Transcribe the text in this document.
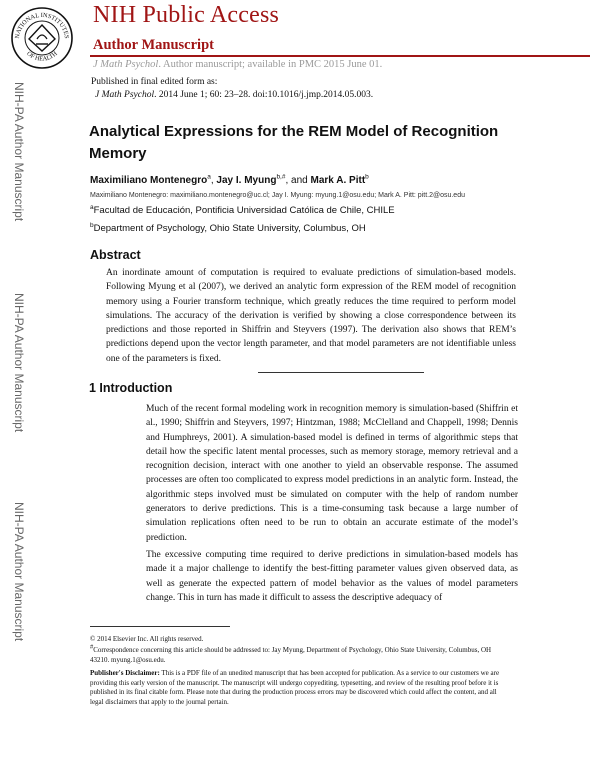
NATIONAL INSTITUTES
OF HEALTH
NIH Public Access
Author Manuscript
J Math Psychol. Author manuscript; available in PMC 2015 June 01.
Published in final edited form as:
J Math Psychol. 2014 June 1; 60: 23–28. doi:10.1016/j.jmp.2014.05.003.
NIH-PA Author Manuscript
NIH-PA Author Manuscript
NIH-PA Author Manuscript
Analytical Expressions for the REM Model of Recognition Memory
Maximiliano Montenegro$^a$, Jay I. Myung$^{b,\#}$, and Mark A. Pitt$^b$
Maximiliano Montenegro: maximiliano.montenegro@uc.cl; Jay I. Myung: myung.1@osu.edu; Mark A. Pitt: pitt.2@osu.edu
$^a$Facultad de Educación, Pontificia Universidad Católica de Chile, CHILE
$^b$Department of Psychology, Ohio State University, Columbus, OH
Abstract
An inordinate amount of computation is required to evaluate predictions of simulation-based models. Following Myung et al (2007), we derived an analytic form expression of the REM model of recognition memory using a Fourier transform technique, which greatly reduces the time required to perform model simulations. The accuracy of the derivation is verified by showing a close correspondence between its predictions and those reported in Shiffrin and Steyvers (1997). The derivation also shows that REM’s predictions depend upon the vector length parameter, and that model parameters are not identifiable unless one of the parameters is fixed.
1 Introduction
Much of the recent formal modeling work in recognition memory is simulation-based (Shiffrin et al., 1990; Shiffrin and Steyvers, 1997; Hintzman, 1988; McClelland and Chappell, 1998; Dennis and Humphreys, 2001). A simulation-based model is defined in terms of algorithmic steps that detail how the specific latent mental processes, such as memory storage, memory retrieval and a recognition decision, interact with one another to yield an observable response. The assumed processes are often too complicated to express model predictions in an analytic form. Instead, the algorithmic steps involved must be simulated on computer with the help of random number generators to derive predictions. This is a time-consuming task because a large number of simulation replications often need to be run to obtain an accurate estimate of the model’s prediction.
The excessive computing time required to derive predictions in simulation-based models has made it a major challenge to identify the best-fitting parameter values given observed data, as well as generate the expected pattern of model behavior as the values of model parameters change. This in turn has made it difficult to assess the descriptive adequacy of
© 2014 Elsevier Inc. All rights reserved.
#Correspondence concerning this article should be addressed to: Jay Myung, Department of Psychology, Ohio State University, Columbus, OH 43210. myung.1@osu.edu.
Publisher's Disclaimer: This is a PDF file of an unedited manuscript that has been accepted for publication. As a service to our customers we are providing this early version of the manuscript. The manuscript will undergo copyediting, typesetting, and review of the resulting proof before it is published in its final citable form. Please note that during the production process errors may be discovered which could affect the content, and all legal disclaimers that apply to the journal pertain.
